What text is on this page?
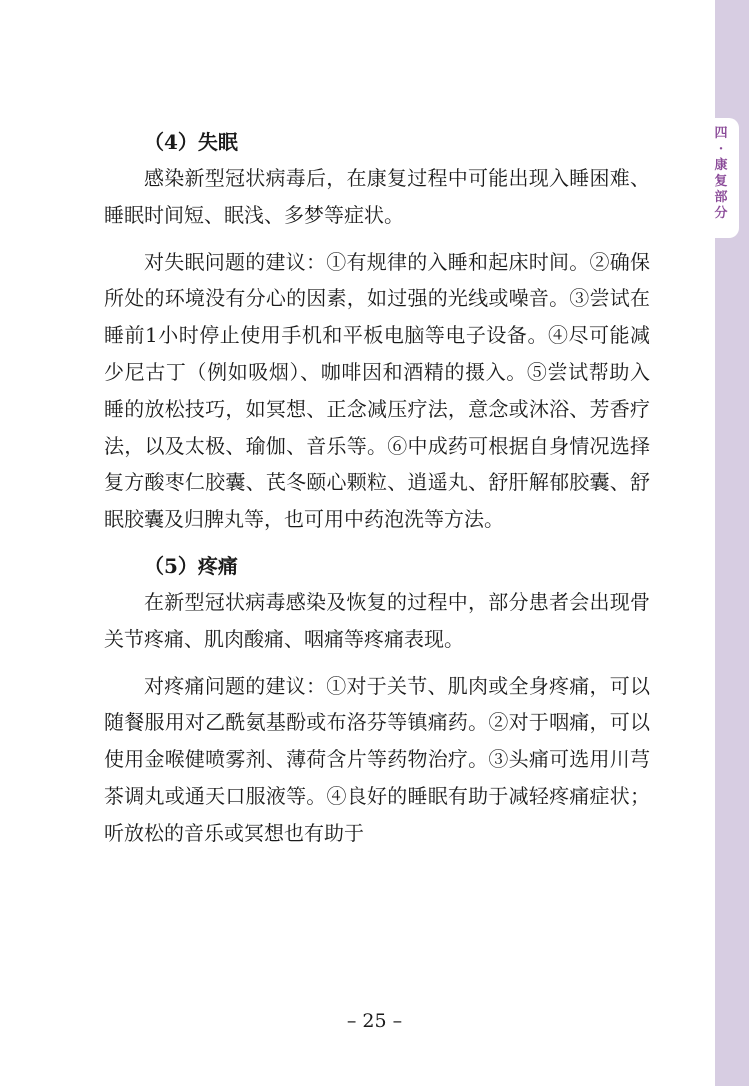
四
·
康
复
部
分

（4）失眠

感染新型冠状病毒后，在康复过程中可能出现入睡困难、睡眠时间短、眠浅、多梦等症状。

对失眠问题的建议：①有规律的入睡和起床时间。②确保所处的环境没有分心的因素，如过强的光线或噪音。③尝试在睡前1小时停止使用手机和平板电脑等电子设备。④尽可能减少尼古丁（例如吸烟）、咖啡因和酒精的摄入。⑤尝试帮助入睡的放松技巧，如冥想、正念减压疗法，意念或沐浴、芳香疗法，以及太极、瑜伽、音乐等。⑥中成药可根据自身情况选择复方酸枣仁胶囊、芪冬颐心颗粒、逍遥丸、舒肝解郁胶囊、舒眠胶囊及归脾丸等，也可用中药泡洗等方法。

（5）疼痛

在新型冠状病毒感染及恢复的过程中，部分患者会出现骨关节疼痛、肌肉酸痛、咽痛等疼痛表现。

对疼痛问题的建议：①对于关节、肌肉或全身疼痛，可以随餐服用对乙酰氨基酚或布洛芬等镇痛药。②对于咽痛，可以使用金喉健喷雾剂、薄荷含片等药物治疗。③头痛可选用川芎茶调丸或通天口服液等。④良好的睡眠有助于减轻疼痛症状；听放松的音乐或冥想也有助于

– 25 –
